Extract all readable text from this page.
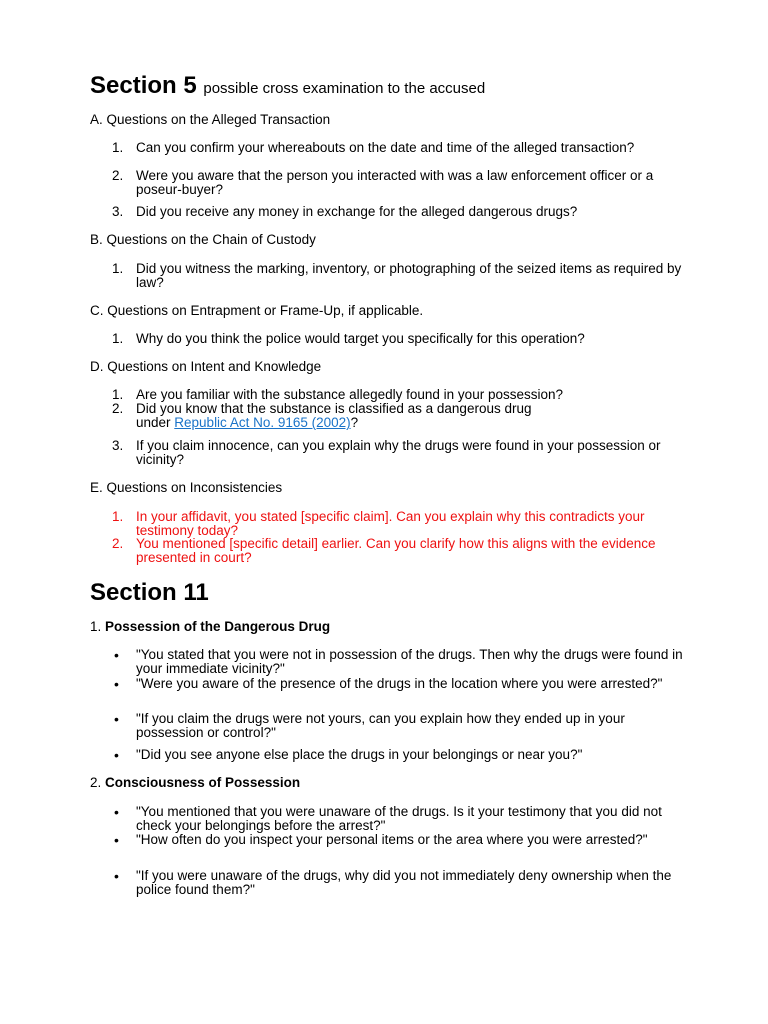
Section 5 possible cross examination to the accused
A. Questions on the Alleged Transaction
1. Can you confirm your whereabouts on the date and time of the alleged transaction?
2. Were you aware that the person you interacted with was a law enforcement officer or a poseur-buyer?
3. Did you receive any money in exchange for the alleged dangerous drugs?
B. Questions on the Chain of Custody
1. Did you witness the marking, inventory, or photographing of the seized items as required by law?
C. Questions on Entrapment or Frame-Up, if applicable.
1. Why do you think the police would target you specifically for this operation?
D. Questions on Intent and Knowledge
1. Are you familiar with the substance allegedly found in your possession?
2. Did you know that the substance is classified as a dangerous drug
under Republic Act No. 9165 (2002)?
3. If you claim innocence, can you explain why the drugs were found in your possession or vicinity?
E. Questions on Inconsistencies
1. In your affidavit, you stated [specific claim]. Can you explain why this contradicts your testimony today?
2. You mentioned [specific detail] earlier. Can you clarify how this aligns with the evidence presented in court?
Section 11
1. Possession of the Dangerous Drug
• "You stated that you were not in possession of the drugs. Then why the drugs were found in your immediate vicinity?"
• "Were you aware of the presence of the drugs in the location where you were arrested?"
• "If you claim the drugs were not yours, can you explain how they ended up in your possession or control?"
• "Did you see anyone else place the drugs in your belongings or near you?"
2. Consciousness of Possession
• "You mentioned that you were unaware of the drugs. Is it your testimony that you did not check your belongings before the arrest?"
• "How often do you inspect your personal items or the area where you were arrested?"
• "If you were unaware of the drugs, why did you not immediately deny ownership when the police found them?"
